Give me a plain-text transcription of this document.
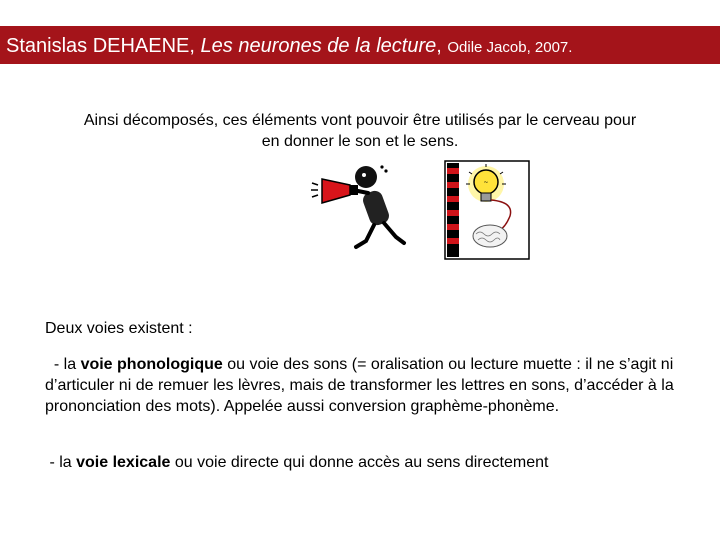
Stanislas DEHAENE, Les neurones de la lecture, Odile Jacob, 2007.
Ainsi décomposés, ces éléments vont pouvoir être utilisés par le cerveau pour
en donner le son et le sens.
~
Deux voies existent :
- la voie phonologique ou voie des sons (= oralisation ou lecture muette : il ne s’agit ni d’articuler ni de remuer les lèvres, mais de transformer les lettres en sons, d’accéder à la prononciation des mots). Appelée aussi conversion graphème-phonème.
- la voie lexicale ou voie directe qui donne accès au sens directement
